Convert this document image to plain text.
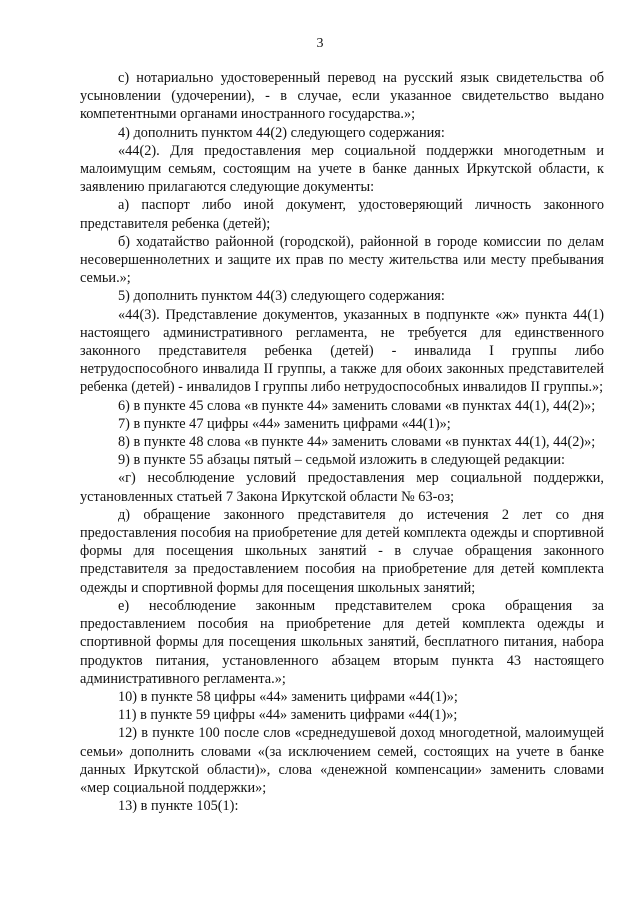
3

с) нотариально удостоверенный перевод на русский язык свидетельства об усыновлении (удочерении), - в случае, если указанное свидетельство выдано компетентными органами иностранного государства.»;

4) дополнить пунктом 44(2) следующего содержания:

«44(2). Для предоставления мер социальной поддержки многодетным и малоимущим семьям, состоящим на учете в банке данных Иркутской области, к заявлению прилагаются следующие документы:

а) паспорт либо иной документ, удостоверяющий личность законного представителя ребенка (детей);

б) ходатайство районной (городской), районной в городе комиссии по делам несовершеннолетних и защите их прав по месту жительства или месту пребывания семьи.»;

5) дополнить пунктом 44(3) следующего содержания:

«44(3). Представление документов, указанных в подпункте «ж» пункта 44(1) настоящего административного регламента, не требуется для единственного законного представителя ребенка (детей) - инвалида I группы либо нетрудоспособного инвалида II группы, а также для обоих законных представителей ребенка (детей) - инвалидов I группы либо нетрудоспособных инвалидов II группы.»;

6) в пункте 45 слова «в пункте 44» заменить словами «в пунктах 44(1), 44(2)»;

7) в пункте 47 цифры «44» заменить цифрами «44(1)»;

8) в пункте 48 слова «в пункте 44» заменить словами «в пунктах 44(1), 44(2)»;

9) в пункте 55 абзацы пятый – седьмой изложить в следующей редакции:

«г) несоблюдение условий предоставления мер социальной поддержки, установленных статьей 7 Закона Иркутской области № 63-оз;

д) обращение законного представителя до истечения 2 лет со дня предоставления пособия на приобретение для детей комплекта одежды и спортивной формы для посещения школьных занятий - в случае обращения законного представителя за предоставлением пособия на приобретение для детей комплекта одежды и спортивной формы для посещения школьных занятий;

е) несоблюдение законным представителем срока обращения за предоставлением пособия на приобретение для детей комплекта одежды и спортивной формы для посещения школьных занятий, бесплатного питания, набора продуктов питания, установленного абзацем вторым пункта 43 настоящего административного регламента.»;

10) в пункте 58 цифры «44» заменить цифрами «44(1)»;

11) в пункте 59 цифры «44» заменить цифрами «44(1)»;

12) в пункте 100 после слов «среднедушевой доход многодетной, малоимущей семьи» дополнить словами «(за исключением семей, состоящих на учете в банке данных Иркутской области)», слова «денежной компенсации» заменить словами «мер социальной поддержки»;

13) в пункте 105(1):
